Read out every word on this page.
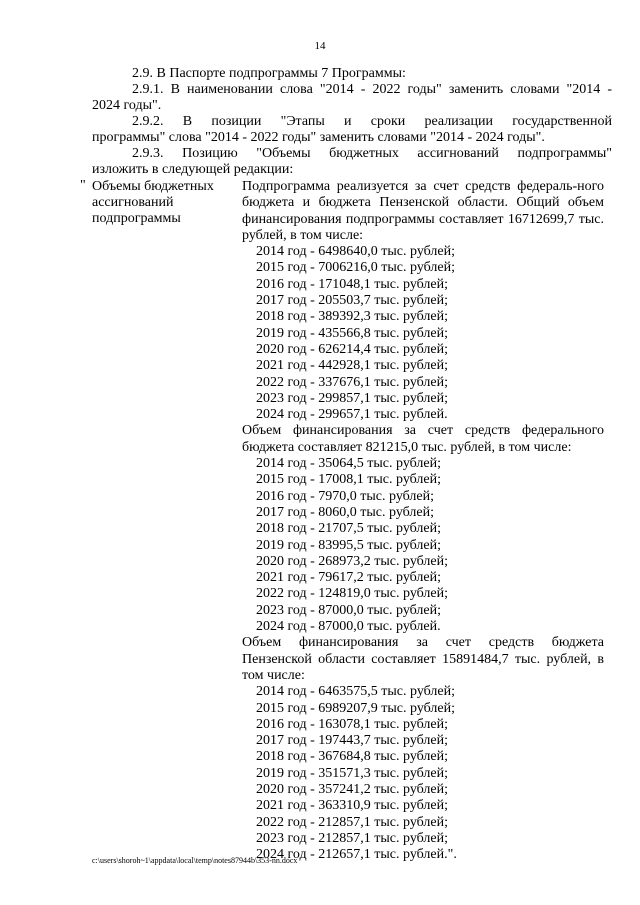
14
2.9. В Паспорте подпрограммы 7 Программы:
2.9.1. В наименовании слова "2014 - 2022 годы" заменить словами "2014 -
2024 годы".
2.9.2. В позиции "Этапы и сроки реализации государственной
программы" слова "2014 - 2022 годы" заменить словами "2014 - 2024 годы".
2.9.3. Позицию "Объемы бюджетных ассигнований подпрограммы"
изложить в следующей редакции:
" Объемы бюджетных ассигнований подпрограммы
Подпрограмма реализуется за счет средств федераль-ного бюджета и бюджета Пензенской области. Общий объем финансирования подпрограммы составляет 16712699,7 тыс. рублей, в том числе:
2014 год - 6498640,0 тыс. рублей;
2015 год - 7006216,0 тыс. рублей;
2016 год - 171048,1 тыс. рублей;
2017 год - 205503,7 тыс. рублей;
2018 год - 389392,3 тыс. рублей;
2019 год - 435566,8 тыс. рублей;
2020 год - 626214,4 тыс. рублей;
2021 год - 442928,1 тыс. рублей;
2022 год - 337676,1 тыс. рублей;
2023 год - 299857,1 тыс. рублей;
2024 год - 299657,1 тыс. рублей.
Объем финансирования за счет средств федерального бюджета составляет 821215,0 тыс. рублей, в том числе:
2014 год - 35064,5 тыс. рублей;
2015 год - 17008,1 тыс. рублей;
2016 год - 7970,0 тыс. рублей;
2017 год - 8060,0 тыс. рублей;
2018 год - 21707,5 тыс. рублей;
2019 год - 83995,5 тыс. рублей;
2020 год - 268973,2 тыс. рублей;
2021 год - 79617,2 тыс. рублей;
2022 год - 124819,0 тыс. рублей;
2023 год - 87000,0 тыс. рублей;
2024 год - 87000,0 тыс. рублей.
Объем финансирования за счет средств бюджета Пензенской области составляет 15891484,7 тыс. рублей, в том числе:
2014 год - 6463575,5 тыс. рублей;
2015 год - 6989207,9 тыс. рублей;
2016 год - 163078,1 тыс. рублей;
2017 год - 197443,7 тыс. рублей;
2018 год - 367684,8 тыс. рублей;
2019 год - 351571,3 тыс. рублей;
2020 год - 357241,2 тыс. рублей;
2021 год - 363310,9 тыс. рублей;
2022 год - 212857,1 тыс. рублей;
2023 год - 212857,1 тыс. рублей;
2024 год - 212657,1 тыс. рублей.".
c:\users\shoroh~1\appdata\local\temp\notes87944b\353-nn.docx
